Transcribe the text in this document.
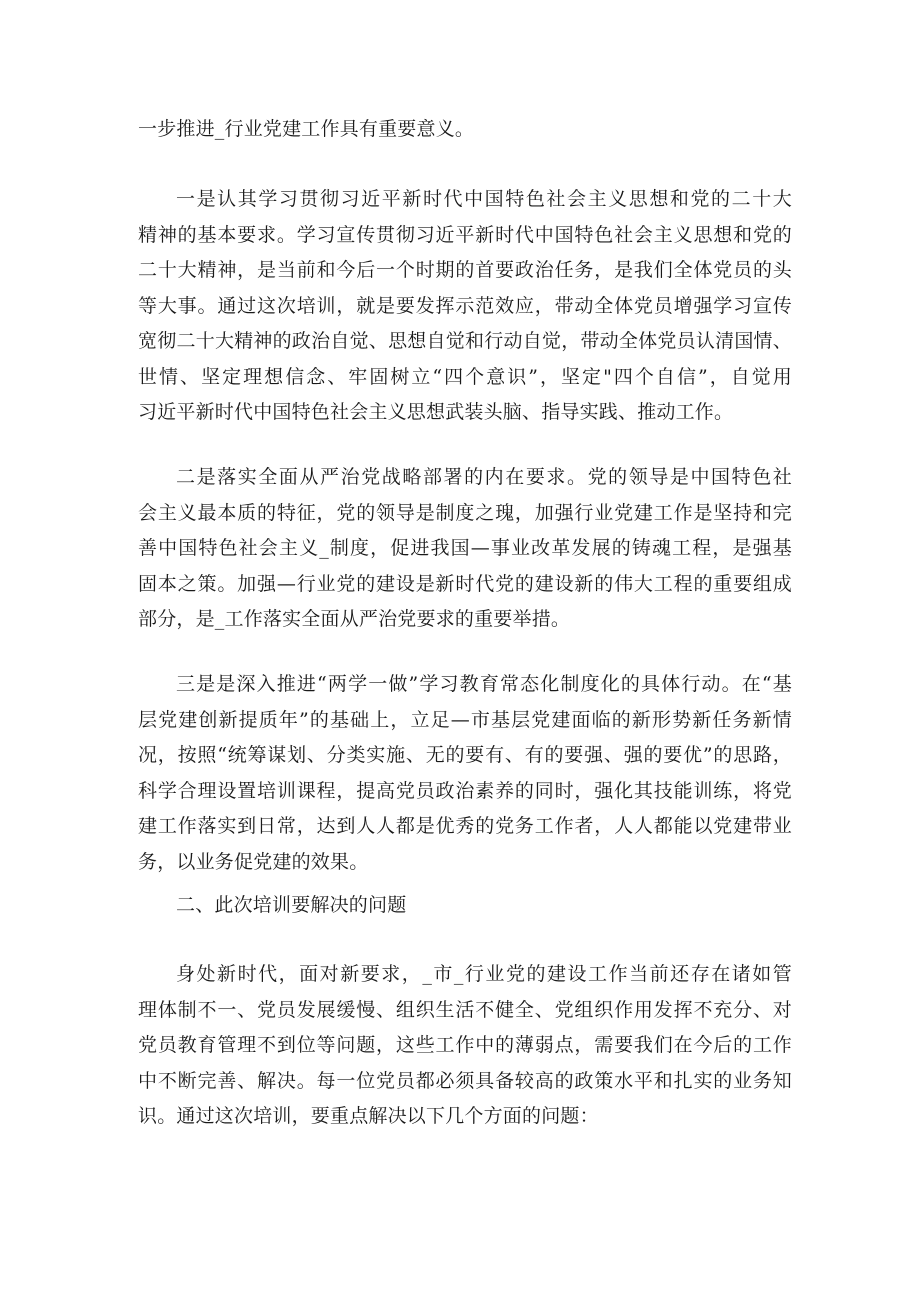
一步推进_行业党建工作具有重要意义。
一是认其学习贯彻习近平新时代中国特色社会主义思想和党的二十大
精神的基本要求。学习宣传贯彻习近平新时代中国特色社会主义思想和党的
二十大精神，是当前和今后一个时期的首要政治任务，是我们全体党员的头
等大事。通过这次培训，就是要发挥示范效应，带动全体党员增强学习宣传
宽彻二十大精神的政治自觉、思想自觉和行动自觉，带动全体党员认清国情、
世情、坚定理想信念、牢固树立“四个意识”，坚定"四个自信”，自觉用
习近平新时代中国特色社会主义思想武装头脑、指导实践、推动工作。
二是落实全面从严治党战略部署的内在要求。党的领导是中国特色社
会主义最本质的特征，党的领导是制度之瑰，加强行业党建工作是坚持和完
善中国特色社会主义_制度，促进我国—事业改革发展的铸魂工程，是强基
固本之策。加强—行业党的建设是新时代党的建设新的伟大工程的重要组成
部分，是_工作落实全面从严治党要求的重要举措。
三是是深入推进“两学一做”学习教育常态化制度化的具体行动。在“基
层党建创新提质年”的基础上，立足—市基层党建面临的新形势新任务新情
况，按照“统筹谋划、分类实施、无的要有、有的要强、强的要优”的思路，
科学合理设置培训课程，提高党员政治素养的同时，强化其技能训练，将党
建工作落实到日常，达到人人都是优秀的党务工作者，人人都能以党建带业
务，以业务促党建的效果。
二、此次培训要解决的问题
身处新时代，面对新要求，_市_行业党的建设工作当前还存在诸如管
理体制不一、党员发展缓慢、组织生活不健全、党组织作用发挥不充分、对
党员教育管理不到位等问题，这些工作中的薄弱点，需要我们在今后的工作
中不断完善、解决。每一位党员都必须具备较高的政策水平和扎实的业务知
识。通过这次培训，要重点解决以下几个方面的问题：
